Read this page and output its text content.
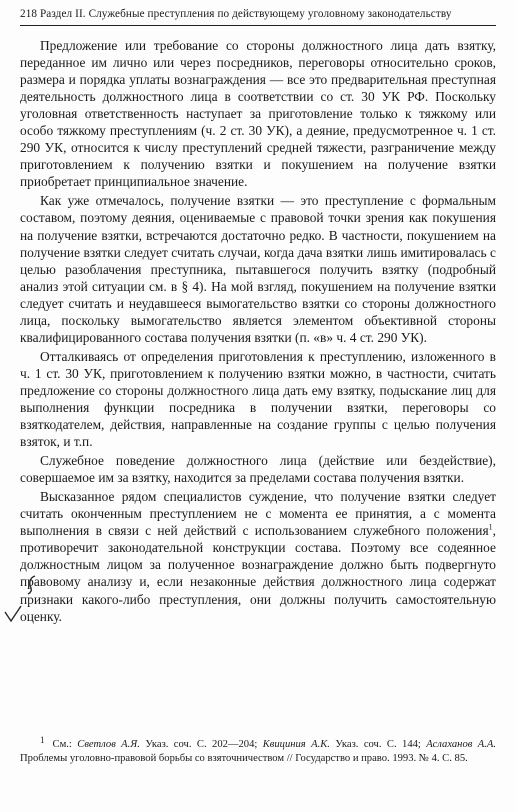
218 Раздел II. Служебные преступления по действующему уголовному законодательству

Предложение или требование со стороны должностного лица дать взятку, переданное им лично или через посредников, переговоры относительно сроков, размера и порядка уплаты вознаграждения — все это предварительная преступная деятельность должностного лица в соответствии со ст. 30 УК РФ. Поскольку уголовная ответственность наступает за приготовление только к тяжкому или особо тяжкому преступлениям (ч. 2 ст. 30 УК), а деяние, предусмотренное ч. 1 ст. 290 УК, относится к числу преступлений средней тяжести, разграничение между приготовлением к получению взятки и покушением на получение взятки приобретает принципиальное значение.

Как уже отмечалось, получение взятки — это преступление с формальным составом, поэтому деяния, оцениваемые с правовой точки зрения как покушения на получение взятки, встречаются достаточно редко. В частности, покушением на получение взятки следует считать случаи, когда дача взятки лишь имитировалась с целью разоблачения преступника, пытавшегося получить взятку (подробный анализ этой ситуации см. в § 4). На мой взгляд, покушением на получение взятки следует считать и неудавшееся вымогательство взятки со стороны должностного лица, поскольку вымогательство является элементом объективной стороны квалифицированного состава получения взятки (п. «в» ч. 4 ст. 290 УК).

Отталкиваясь от определения приготовления к преступлению, изложенного в ч. 1 ст. 30 УК, приготовлением к получению взятки можно, в частности, считать предложение со стороны должностного лица дать ему взятку, подыскание лиц для выполнения функции посредника в получении взятки, переговоры со взяткодателем, действия, направленные на создание группы с целью получения взяток, и т.п.

Служебное поведение должностного лица (действие или бездействие), совершаемое им за взятку, находится за пределами состава получения взятки.

Высказанное рядом специалистов суждение, что получение взятки следует считать оконченным преступлением не с момента ее принятия, а с момента выполнения в связи с ней действий с использованием служебного положения$^1$, противоречит законодательной конструкции состава. Поэтому все содеянное должностным лицом за полученное вознаграждение должно быть подвергнуто правовому анализу и, если незаконные действия должностного лица содержат признаки какого-либо преступления, они должны получить самостоятельную оценку.

$^1$ См.: Светлов А.Я. Указ. соч. С. 202—204; Квициния А.К. Указ. соч. С. 144; Аслаханов А.А. Проблемы уголовно-правовой борьбы со взяточничеством // Государство и право. 1993. № 4. С. 85.
